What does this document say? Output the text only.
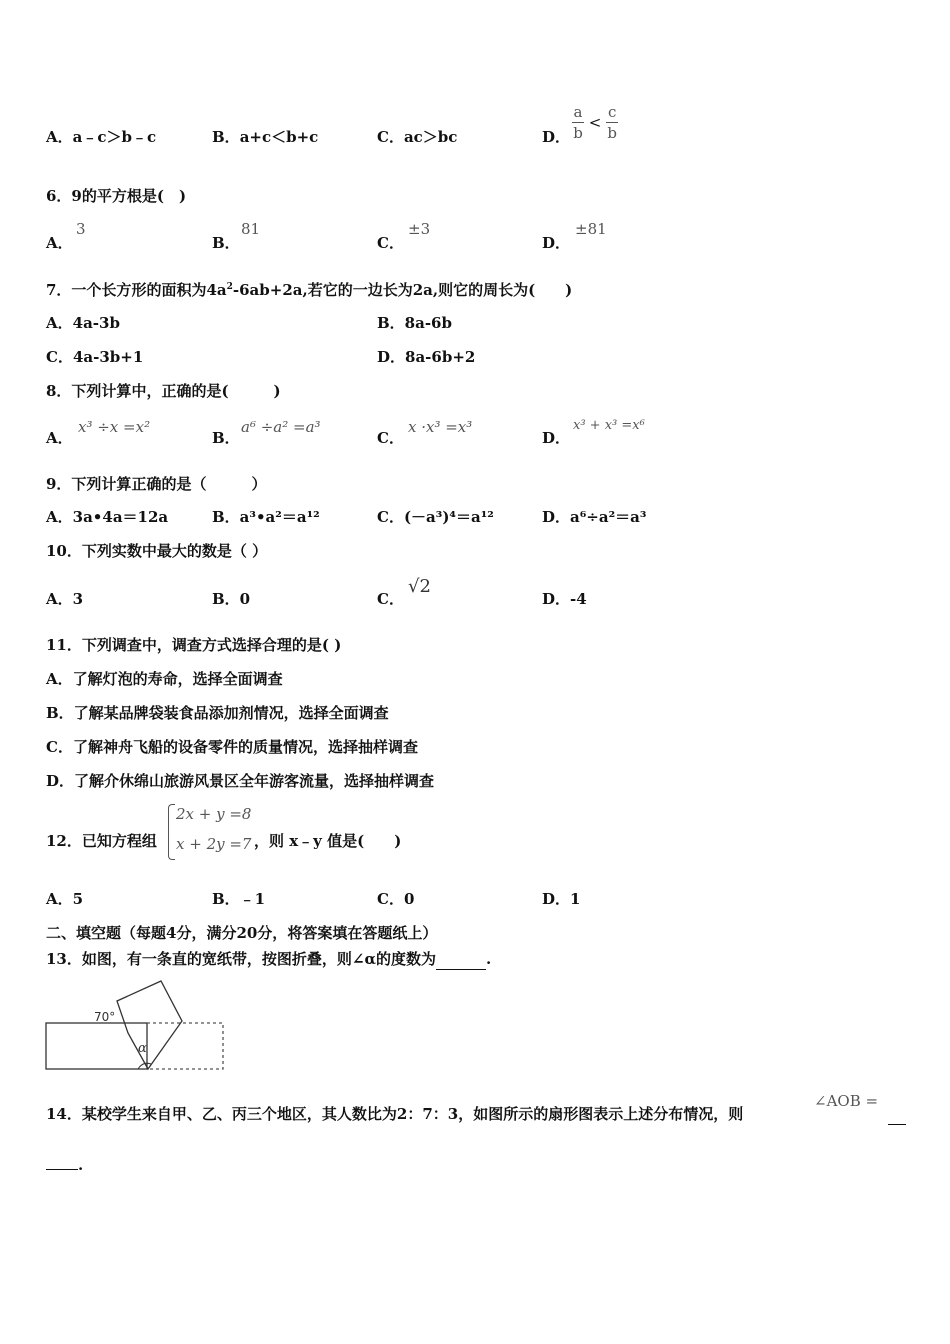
A．a﹣c＞b﹣c	B．a+c＜b+c	C．ac＞bc	D． $\frac{a}{b} < \frac{c}{b}$
6．9的平方根是(　)
A．
3
B．
81
C．
±3
D．
±81
7．一个长方形的面积为$4a^2-6ab+2a$,若它的一边长为2a,则它的周长为(　　)
A．4a-3b	B．8a-6b
C．4a-3b+1	D．8a-6b+2
8．下列计算中，正确的是(　　　)
A．
x³ ÷x =x²
B．
a⁶ ÷a² =a³
C．
x ·x³ =x³
D．
x³ + x³ =x⁶
9．下列计算正确的是（　　　）
A．3a•4a＝12a	B．a³•a²＝a¹²	C．(－a³)⁴＝a¹²	D．a⁶÷a²＝a³
10．下列实数中最大的数是（ ）
A．3	B．0	C．
√2
D．-4
11．下列调查中，调查方式选择合理的是( )
A．了解灯泡的寿命，选择全面调查
B．了解某品牌袋装食品添加剂情况，选择全面调查
C．了解神舟飞船的设备零件的质量情况，选择抽样调查
D．了解介休绵山旅游风景区全年游客流量，选择抽样调查
12．已知方程组
2x + y =8
x + 2y =7 ，则 x﹣y 值是(　　)
A．5	B．﹣1	C．0	D．1
二、填空题（每题4分，满分20分，将答案填在答题纸上）
13．如图，有一条直的宽纸带，按图折叠，则∠α的度数为	.
70°
α
14．某校学生来自甲、乙、丙三个地区，其人数比为2：7：3，如图所示的扇形图表示上述分布情况，则
∠AOB =
.
